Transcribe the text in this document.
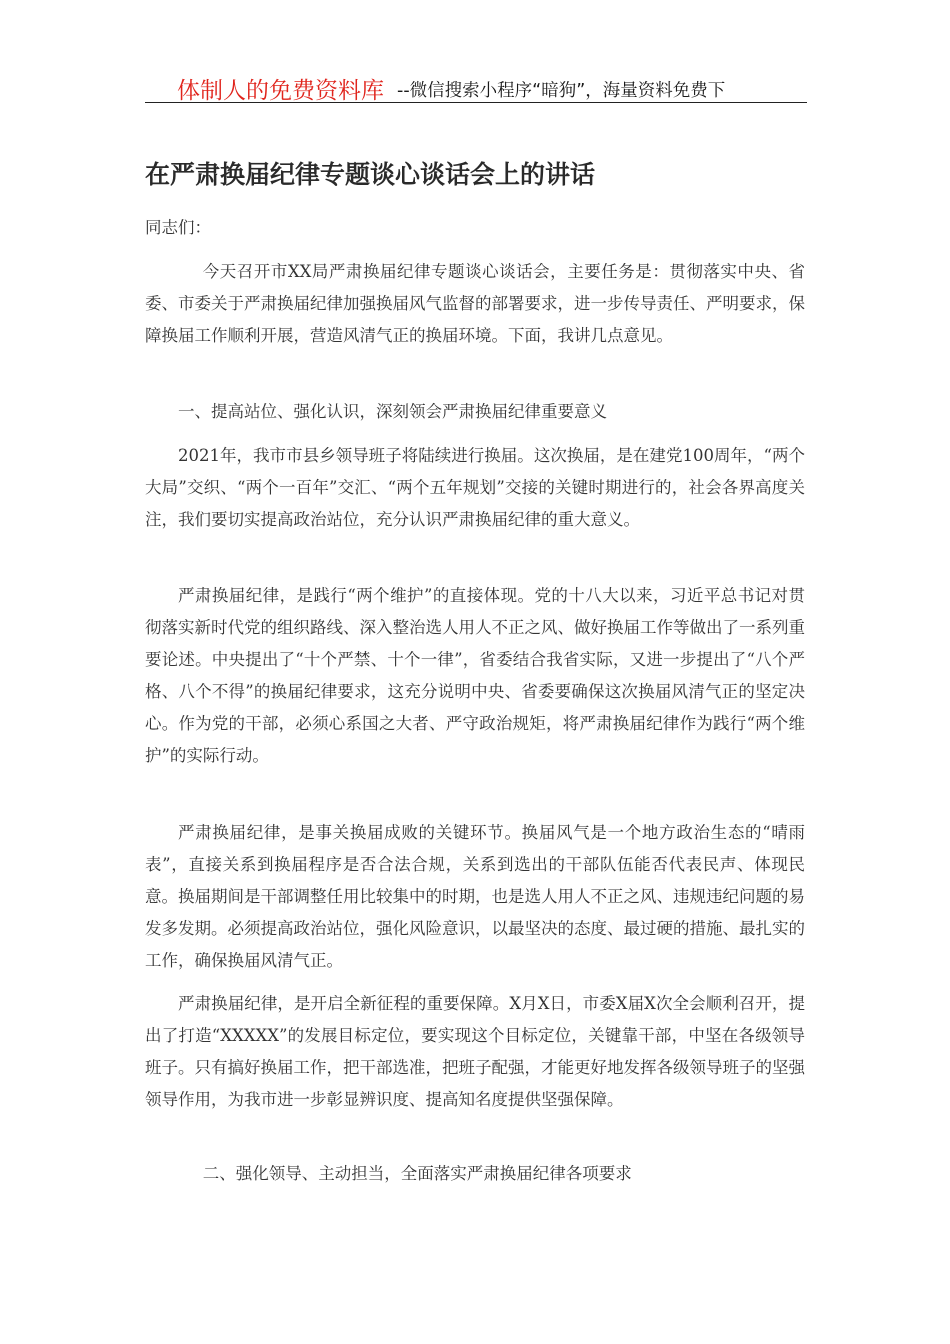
体制人的免费资料库 --微信搜索小程序“暗狗”，海量资料免费下
在严肃换届纪律专题谈心谈话会上的讲话
同志们：

今天召开市XX局严肃换届纪律专题谈心谈话会，主要任务是：贯彻落实中央、省委、市委关于严肃换届纪律加强换届风气监督的部署要求，进一步传导责任、严明要求，保障换届工作顺利开展，营造风清气正的换届环境。下面，我讲几点意见。

一、提高站位、强化认识，深刻领会严肃换届纪律重要意义

2021年，我市市县乡领导班子将陆续进行换届。这次换届，是在建党100周年，“两个大局”交织、“两个一百年”交汇、“两个五年规划”交接的关键时期进行的，社会各界高度关注，我们要切实提高政治站位，充分认识严肃换届纪律的重大意义。

严肃换届纪律，是践行“两个维护”的直接体现。党的十八大以来，习近平总书记对贯彻落实新时代党的组织路线、深入整治选人用人不正之风、做好换届工作等做出了一系列重要论述。中央提出了“十个严禁、十个一律”，省委结合我省实际，又进一步提出了“八个严格、八个不得”的换届纪律要求，这充分说明中央、省委要确保这次换届风清气正的坚定决心。作为党的干部，必须心系国之大者、严守政治规矩，将严肃换届纪律作为践行“两个维护”的实际行动。

严肃换届纪律，是事关换届成败的关键环节。换届风气是一个地方政治生态的“晴雨表”，直接关系到换届程序是否合法合规，关系到选出的干部队伍能否代表民声、体现民意。换届期间是干部调整任用比较集中的时期，也是选人用人不正之风、违规违纪问题的易发多发期。必须提高政治站位，强化风险意识，以最坚决的态度、最过硬的措施、最扎实的工作，确保换届风清气正。

严肃换届纪律，是开启全新征程的重要保障。X月X日，市委X届X次全会顺利召开，提出了打造“XXXXX”的发展目标定位，要实现这个目标定位，关键靠干部，中坚在各级领导班子。只有搞好换届工作，把干部选准，把班子配强，才能更好地发挥各级领导班子的坚强领导作用，为我市进一步彰显辨识度、提高知名度提供坚强保障。

二、强化领导、主动担当，全面落实严肃换届纪律各项要求
